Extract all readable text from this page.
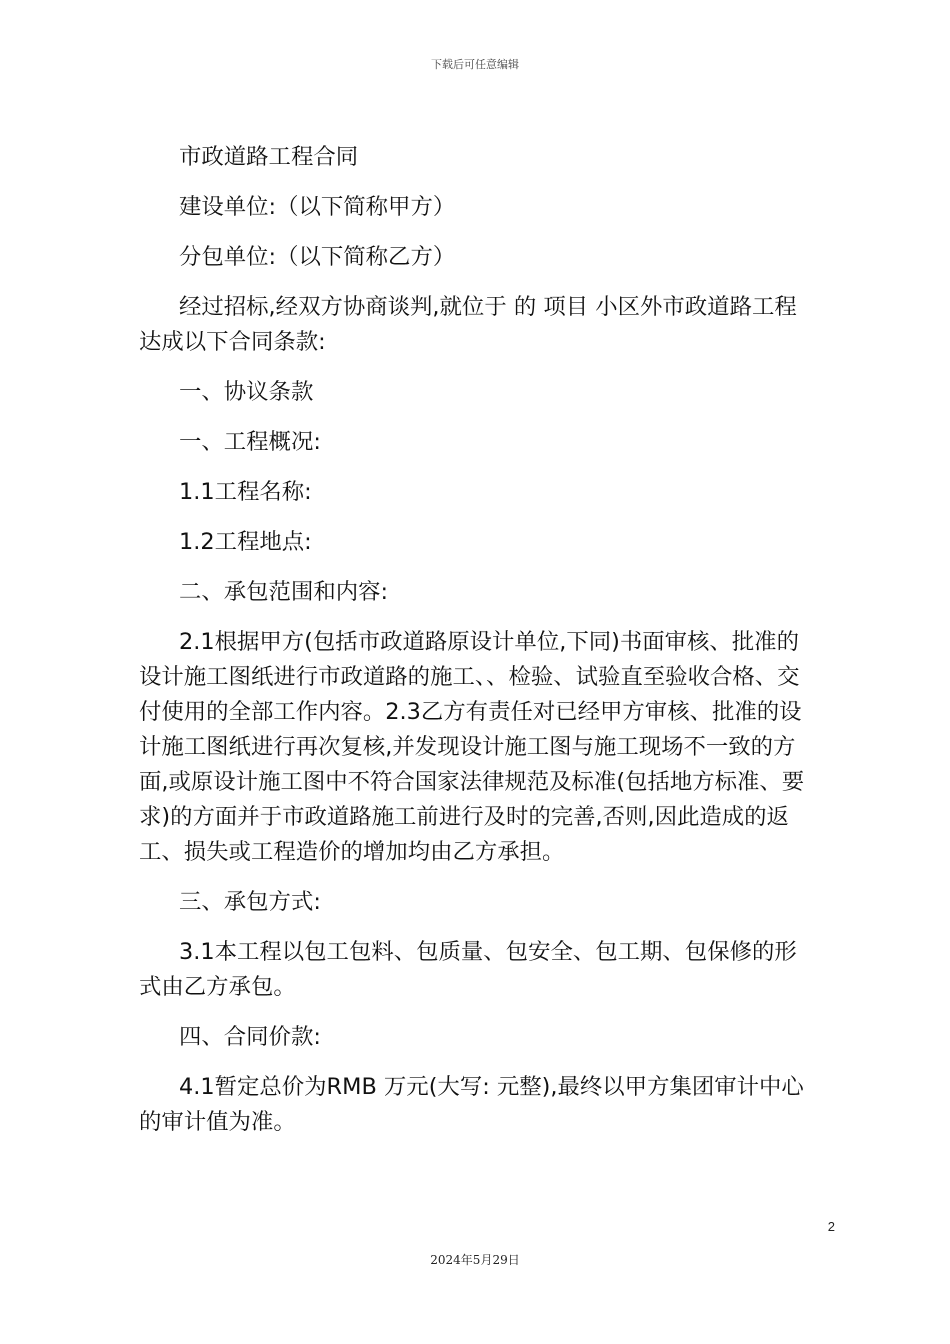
下载后可任意编辑

市政道路工程合同

建设单位:（以下简称甲方）

分包单位:（以下简称乙方）

经过招标,经双方协商谈判,就位于 的 项目 小区外市政道路工程达成以下合同条款:

一、协议条款

一、工程概况:

1.1工程名称:

1.2工程地点:

二、承包范围和内容:

2.1根据甲方(包括市政道路原设计单位,下同)书面审核、批准的设计施工图纸进行市政道路的施工、、检验、试验直至验收合格、交付使用的全部工作内容。2.3乙方有责任对已经甲方审核、批准的设计施工图纸进行再次复核,并发现设计施工图与施工现场不一致的方面,或原设计施工图中不符合国家法律规范及标准(包括地方标准、要求)的方面并于市政道路施工前进行及时的完善,否则,因此造成的返工、损失或工程造价的增加均由乙方承担。

三、承包方式:

3.1本工程以包工包料、包质量、包安全、包工期、包保修的形式由乙方承包。

四、合同价款:

4.1暂定总价为RMB 万元(大写: 元整),最终以甲方集团审计中心的审计值为准。

2
2024年5月29日
